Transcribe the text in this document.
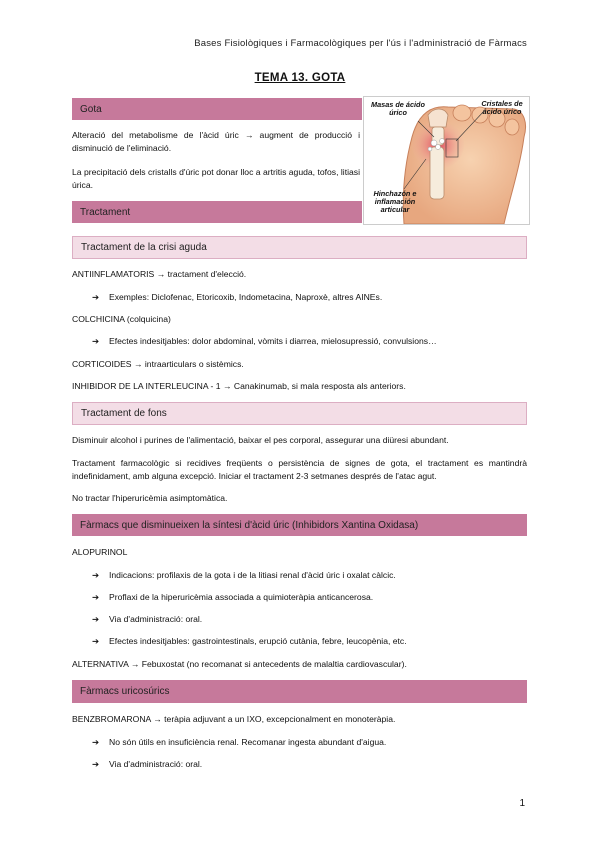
Bases Fisiològiques i Farmacològiques per l'ús i l'administració de Fàrmacs
TEMA 13. GOTA
Gota
Alteració del metabolisme de l'àcid úric → augment de producció i disminució de l'eliminació.
La precipitació dels cristalls d'úric pot donar lloc a artritis aguda, tofos, litiasi úrica.
Masas de ácido úrico
Cristales de ácido úrico
Hinchazón e inflamación articular
Tractament
Tractament de la crisi aguda
ANTIINFLAMATORIS → tractament d'elecció.
➔ Exemples: Diclofenac, Etoricoxib, Indometacina, Naproxè, altres AINEs.
COLCHICINA (colquicina)
➔ Efectes indesitjables: dolor abdominal, vòmits i diarrea, mielosupressió, convulsions…
CORTICOIDES → intraarticulars o sistèmics.
INHIBIDOR DE LA INTERLEUCINA - 1 → Canakinumab, si mala resposta als anteriors.
Tractament de fons
Disminuir alcohol i purines de l'alimentació, baixar el pes corporal, assegurar una diüresi abundant.
Tractament farmacològic si recidives freqüents o persistència de signes de gota, el tractament es mantindrà indefinidament, amb alguna excepció. Iniciar el tractament 2-3 setmanes després de l'atac agut.
No tractar l'hiperuricèmia asimptomàtica.
Fàrmacs que disminueixen la síntesi d'àcid úric (Inhibidors Xantina Oxidasa)
ALOPURINOL
➔ Indicacions: profilaxis de la gota i de la litiasi renal d'àcid úric i oxalat càlcic.
➔ Proflaxi de la hiperuricèmia associada a quimioteràpia anticancerosa.
➔ Via d'administració: oral.
➔ Efectes indesitjables: gastrointestinals, erupció cutània, febre, leucopènia, etc.
ALTERNATIVA → Febuxostat (no recomanat si antecedents de malaltia cardiovascular).
Fàrmacs uricosúrics
BENZBROMARONA → teràpia adjuvant a un IXO, excepcionalment en monoteràpia.
➔ No són útils en insuficiència renal. Recomanar ingesta abundant d'aigua.
➔ Via d'administració: oral.
1
